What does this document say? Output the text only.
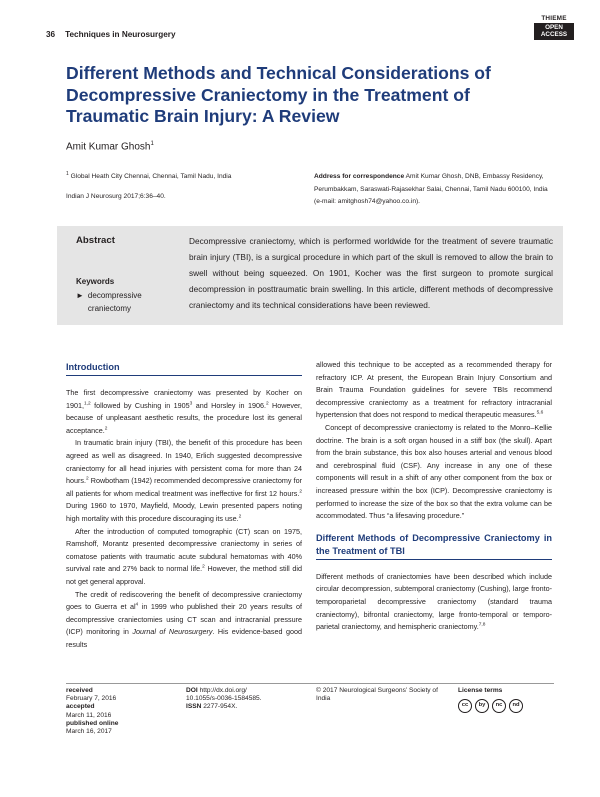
36 Techniques in Neurosurgery
THIEME
OPEN ACCESS
Different Methods and Technical Considerations of Decompressive Craniectomy in the Treatment of Traumatic Brain Injury: A Review
Amit Kumar Ghosh$^1$
$^1$ Global Heath City Chennai, Chennai, Tamil Nadu, India
Indian J Neurosurg 2017;6:36–40.
Address for correspondence Amit Kumar Ghosh, DNB, Embassy Residency, Perumbakkam, Saraswati-Rajasekhar Salai, Chennai, Tamil Nadu 600100, India (e-mail: amitghosh74@yahoo.co.in).
Abstract
Keywords
► decompressive craniectomy
Decompressive craniectomy, which is performed worldwide for the treatment of severe traumatic brain injury (TBI), is a surgical procedure in which part of the skull is removed to allow the brain to swell without being squeezed. On 1901, Kocher was the first surgeon to promote surgical decompression in posttraumatic brain swelling. In this article, different methods of decompressive craniectomy and its technical considerations have been reviewed.
Introduction

The first decompressive craniectomy was presented by Kocher on 1901,$^{1,2}$ followed by Cushing in 1905$^3$ and Horsley in 1906.$^2$ However, because of unpleasant aesthetic results, the procedure lost its general acceptance.$^2$

In traumatic brain injury (TBI), the benefit of this procedure has been agreed as well as disagreed. In 1940, Erlich suggested decompressive craniectomy for all head injuries with persistent coma for more than 24 hours.$^2$ Rowbotham (1942) recommended decompressive craniectomy for all patients for whom medical treatment was ineffective for first 12 hours.$^2$ During 1960 to 1970, Mayfield, Moody, Lewin presented papers noting high mortality with this procedure discouraging its use.$^2$

After the introduction of computed tomographic (CT) scan on 1975, Ramshoff, Morantz presented decompressive craniectomy in series of comatose patients with traumatic acute subdural hematomas with 40% survival rate and 27% back to normal life.$^2$ However, the method still did not get general approval.

The credit of rediscovering the benefit of decompressive craniectomy goes to Guerra et $al^4$ in 1999 who published their 20 years results of decompressive craniectomies using CT scan and intracranial pressure (ICP) monitoring in Journal of Neurosurgery. His evidence-based good results

allowed this technique to be accepted as a recommended therapy for refractory ICP. At present, the European Brain Injury Consortium and Brain Trauma Foundation guidelines for severe TBIs recommend decompressive craniectomy as a treatment for refractory intracranial hypertension that does not respond to medical therapeutic measures.$^{5,6}$

Concept of decompressive craniectomy is related to the Monro–Kellie doctrine. The brain is a soft organ housed in a stiff box (the skull). Apart from the brain substance, this box also houses arterial and venous blood and cerebrospinal fluid (CSF). Any increase in any one of these components will result in a shift of any other component from the box or increased pressure within the box (ICP). Decompressive craniectomy is performed to increase the size of the box so that the extra volume can be accommodated. Thus “a lifesaving procedure.”

Different Methods of Decompressive Craniectomy in the Treatment of TBI

Different methods of craniectomies have been described which include circular decompression, subtemporal craniectomy (Cushing), large fronto-temporoparietal decompressive craniectomy (standard trauma craniectomy), bifrontal craniectomy, large fronto-temporal or temporo-parietal craniectomy, and hemispheric craniectomy.$^{7,8}$

received
February 7, 2016
accepted
March 11, 2016
published online
March 16, 2017
DOI http://dx.doi.org/
10.1055/s-0036-1584585.
ISSN 2277-954X.
© 2017 Neurological Surgeons’ Society of India
License terms
cc	by	nc	nd
